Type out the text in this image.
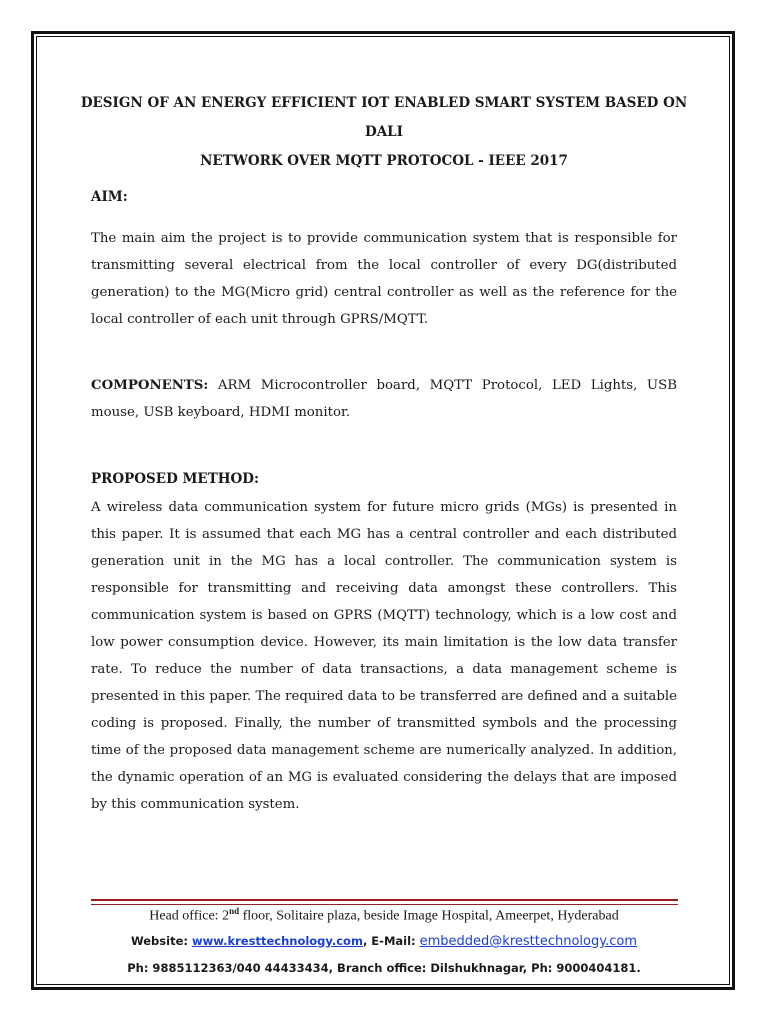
DESIGN OF AN ENERGY EFFICIENT IOT ENABLED SMART SYSTEM BASED ON DALI
NETWORK OVER MQTT PROTOCOL - IEEE 2017
AIM:
The main aim the project is to provide communication system that is responsible for transmitting several electrical from the local controller of every DG(distributed generation) to the MG(Micro grid) central controller as well as the reference for the local controller of each unit through GPRS/MQTT.
COMPONENTS: ARM Microcontroller board, MQTT Protocol, LED Lights, USB mouse, USB keyboard, HDMI monitor.
PROPOSED METHOD:
A wireless data communication system for future micro grids (MGs) is presented in this paper. It is assumed that each MG has a central controller and each distributed generation unit in the MG has a local controller. The communication system is responsible for transmitting and receiving data amongst these controllers. This communication system is based on GPRS (MQTT) technology, which is a low cost and low power consumption device. However, its main limitation is the low data transfer rate. To reduce the number of data transactions, a data management scheme is presented in this paper. The required data to be transferred are defined and a suitable coding is proposed. Finally, the number of transmitted symbols and the processing time of the proposed data management scheme are numerically analyzed. In addition, the dynamic operation of an MG is evaluated considering the delays that are imposed by this communication system.
Head office: 2nd floor, Solitaire plaza, beside Image Hospital, Ameerpet, Hyderabad
Website: www.kresttechnology.com, E-Mail: embedded@kresttechnology.com
Ph: 9885112363/040 44433434, Branch office: Dilshukhnagar, Ph: 9000404181.
